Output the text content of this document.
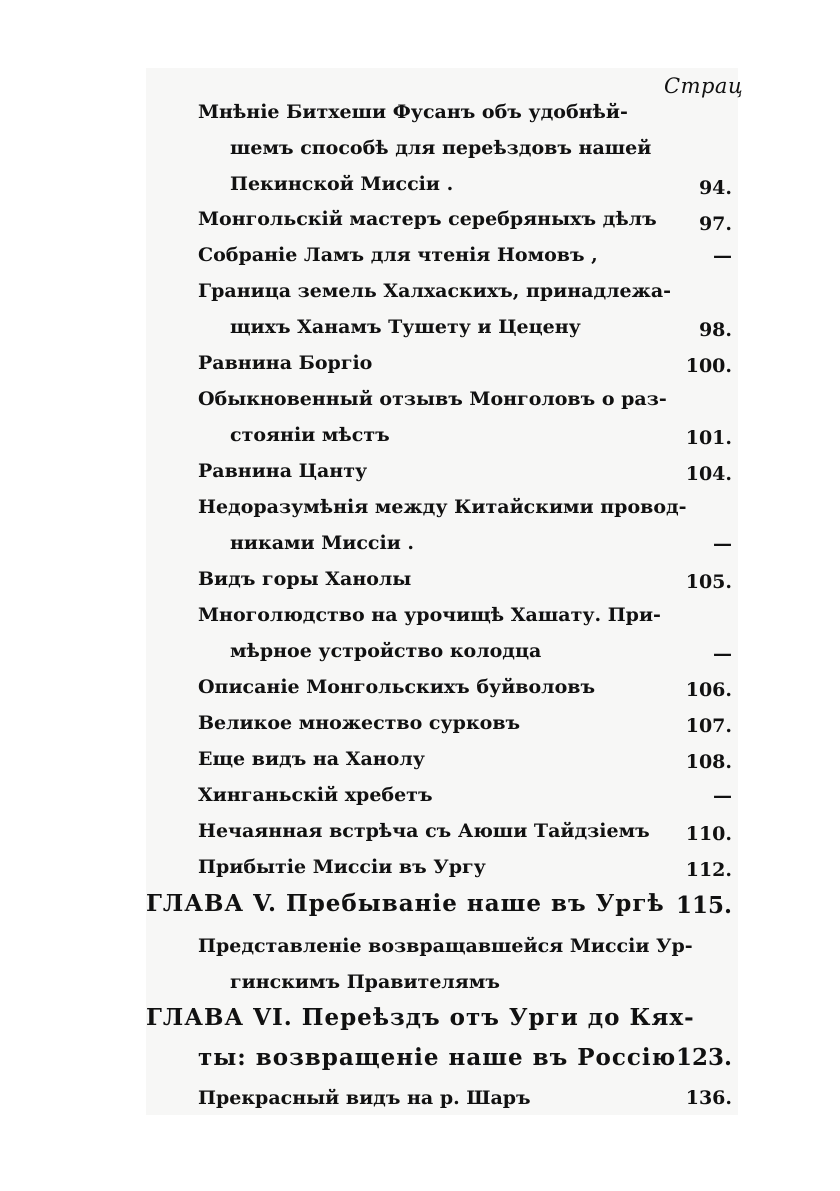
Страц
Мнѣніе Битхеши Фусанъ объ удобнѣй-
шемъ способѣ для переѣздовъ нашей
Пекинской Миссіи .	94.
Монгольскій мастеръ серебряныхъ дѣлъ 97.
Собраніе Ламъ для чтенія Номовъ ,	—
Граница земель Халхаскихъ, принадлежа-
щихъ Ханамъ Тушету и Цецену	98.
Равнина Боргіо	100.
Обыкновенный отзывъ Монголовъ о раз-
стояніи мѣстъ	101.
Равнина Цанту	104.
Недоразумѣнія между Китайскими провод-
никами Миссіи .	—
Видъ горы Ханолы	105.
Многолюдство на урочищѣ Хашату. При-
мѣрное устройство колодца	—
Описаніе Монгольскихъ буйволовъ	106.
Великое множество сурковъ	107.
Еще видъ на Ханолу	108.
Хинганьскій хребетъ	—
Нечаянная встрѣча съ Аюши Тайдзіемъ 110.
Прибытіе Миссіи въ Ургу	112.
ГЛАВА V. Пребываніе наше въ Ургѣ 115.
Представленіе возвращавшейся Миссіи Ур-
гинскимъ Правителямъ
ГЛАВА VI. Переѣздъ отъ Урги до Кях-
ты: возвращеніе наше въ Россію 123.
Прекрасный видъ на р. Шаръ	136.
